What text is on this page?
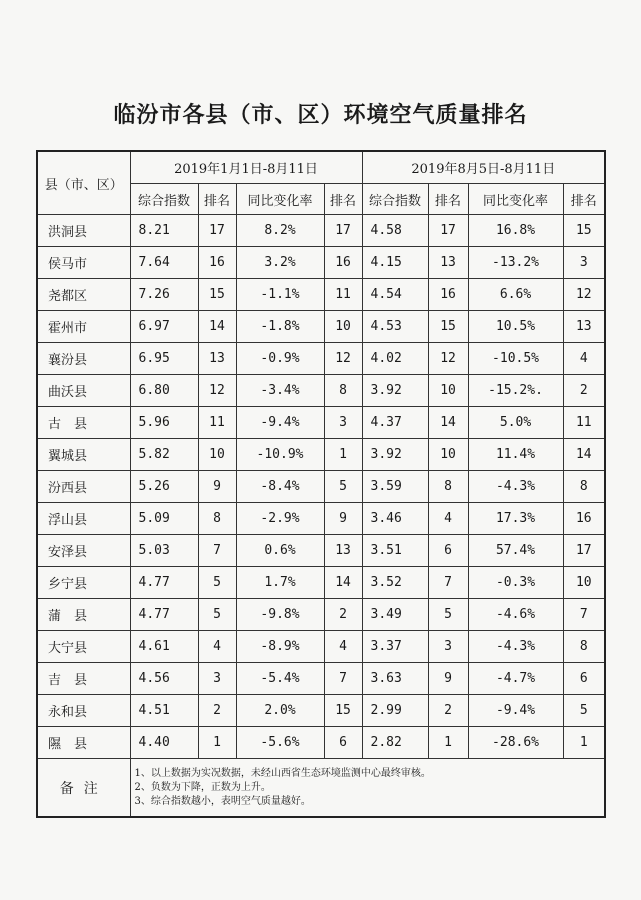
临汾市各县（市、区）环境空气质量排名
县（市、区）	2019年1月1日-8月11日				2019年8月5日-8月11日			
	综合指数	排名	同比变化率	排名	综合指数	排名	同比变化率	排名
洪洞县	8.21	17	8.2%	17	4.58	17	16.8%	15
侯马市	7.64	16	3.2%	16	4.15	13	-13.2%	3
尧都区	7.26	15	-1.1%	11	4.54	16	6.6%	12
霍州市	6.97	14	-1.8%	10	4.53	15	10.5%	13
襄汾县	6.95	13	-0.9%	12	4.02	12	-10.5%	4
曲沃县	6.80	12	-3.4%	8	3.92	10	-15.2%.	2
古　县	5.96	11	-9.4%	3	4.37	14	5.0%	11
翼城县	5.82	10	-10.9%	1	3.92	10	11.4%	14
汾西县	5.26	9	-8.4%	5	3.59	8	-4.3%	8
浮山县	5.09	8	-2.9%	9	3.46	4	17.3%	16
安泽县	5.03	7	0.6%	13	3.51	6	57.4%	17
乡宁县	4.77	5	1.7%	14	3.52	7	-0.3%	10
蒲　县	4.77	5	-9.8%	2	3.49	5	-4.6%	7
大宁县	4.61	4	-8.9%	4	3.37	3	-4.3%	8
吉　县	4.56	3	-5.4%	7	3.63	9	-4.7%	6
永和县	4.51	2	2.0%	15	2.99	2	-9.4%	5
隰　县	4.40	1	-5.6%	6	2.82	1	-28.6%	1
备注	1、以上数据为实况数据，未经山西省生态环境监测中心最终审核。
2、负数为下降，正数为上升。
3、综合指数越小，表明空气质量越好。							
